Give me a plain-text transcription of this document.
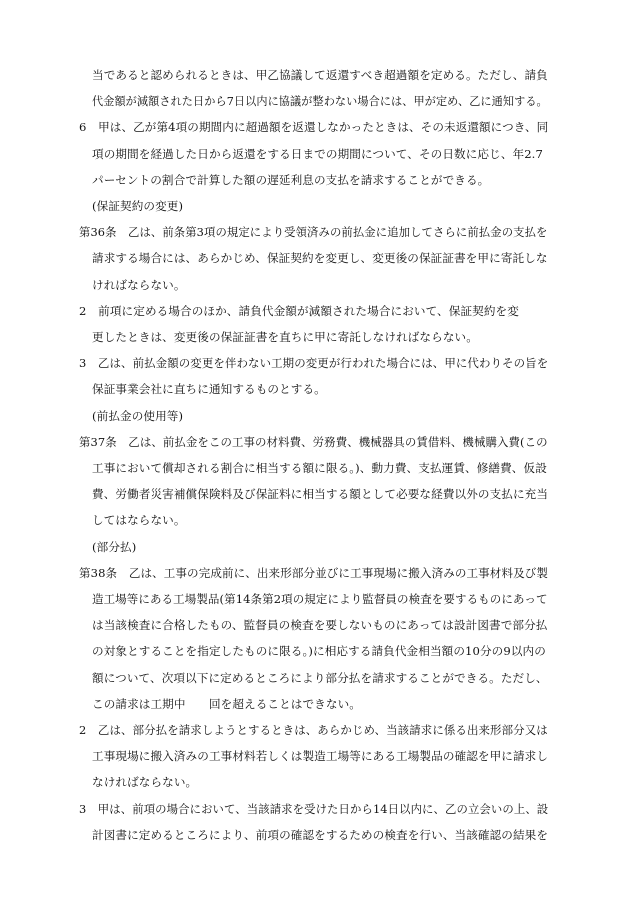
当であると認められるときは、甲乙協議して返還すべき超過額を定める。ただし、請負
代金額が減額された日から7日以内に協議が整わない場合には、甲が定め、乙に通知する。
6　甲は、乙が第4項の期間内に超過額を返還しなかったときは、その未返還額につき、同
項の期間を経過した日から返還をする日までの期間について、その日数に応じ、年2.7
パーセントの割合で計算した額の遅延利息の支払を請求することができる。
(保証契約の変更)
第36条　乙は、前条第3項の規定により受領済みの前払金に追加してさらに前払金の支払を
請求する場合には、あらかじめ、保証契約を変更し、変更後の保証証書を甲に寄託しな
ければならない。
2　前項に定める場合のほか、請負代金額が減額された場合において、保証契約を変
更したときは、変更後の保証証書を直ちに甲に寄託しなければならない。
3　乙は、前払金額の変更を伴わない工期の変更が行われた場合には、甲に代わりその旨を
保証事業会社に直ちに通知するものとする。
(前払金の使用等)
第37条　乙は、前払金をこの工事の材料費、労務費、機械器具の賃借料、機械購入費(この
工事において償却される割合に相当する額に限る。)、動力費、支払運賃、修繕費、仮設
費、労働者災害補償保険料及び保証料に相当する額として必要な経費以外の支払に充当
してはならない。
(部分払)
第38条　乙は、工事の完成前に、出来形部分並びに工事現場に搬入済みの工事材料及び製
造工場等にある工場製品(第14条第2項の規定により監督員の検査を要するものにあって
は当該検査に合格したもの、監督員の検査を要しないものにあっては設計図書で部分払
の対象とすることを指定したものに限る。)に相応する請負代金相当額の10分の9以内の
額について、次項以下に定めるところにより部分払を請求することができる。ただし、
この請求は工期中　　回を超えることはできない。
2　乙は、部分払を請求しようとするときは、あらかじめ、当該請求に係る出来形部分又は
工事現場に搬入済みの工事材料若しくは製造工場等にある工場製品の確認を甲に請求し
なければならない。
3　甲は、前項の場合において、当該請求を受けた日から14日以内に、乙の立会いの上、設
計図書に定めるところにより、前項の確認をするための検査を行い、当該確認の結果を
